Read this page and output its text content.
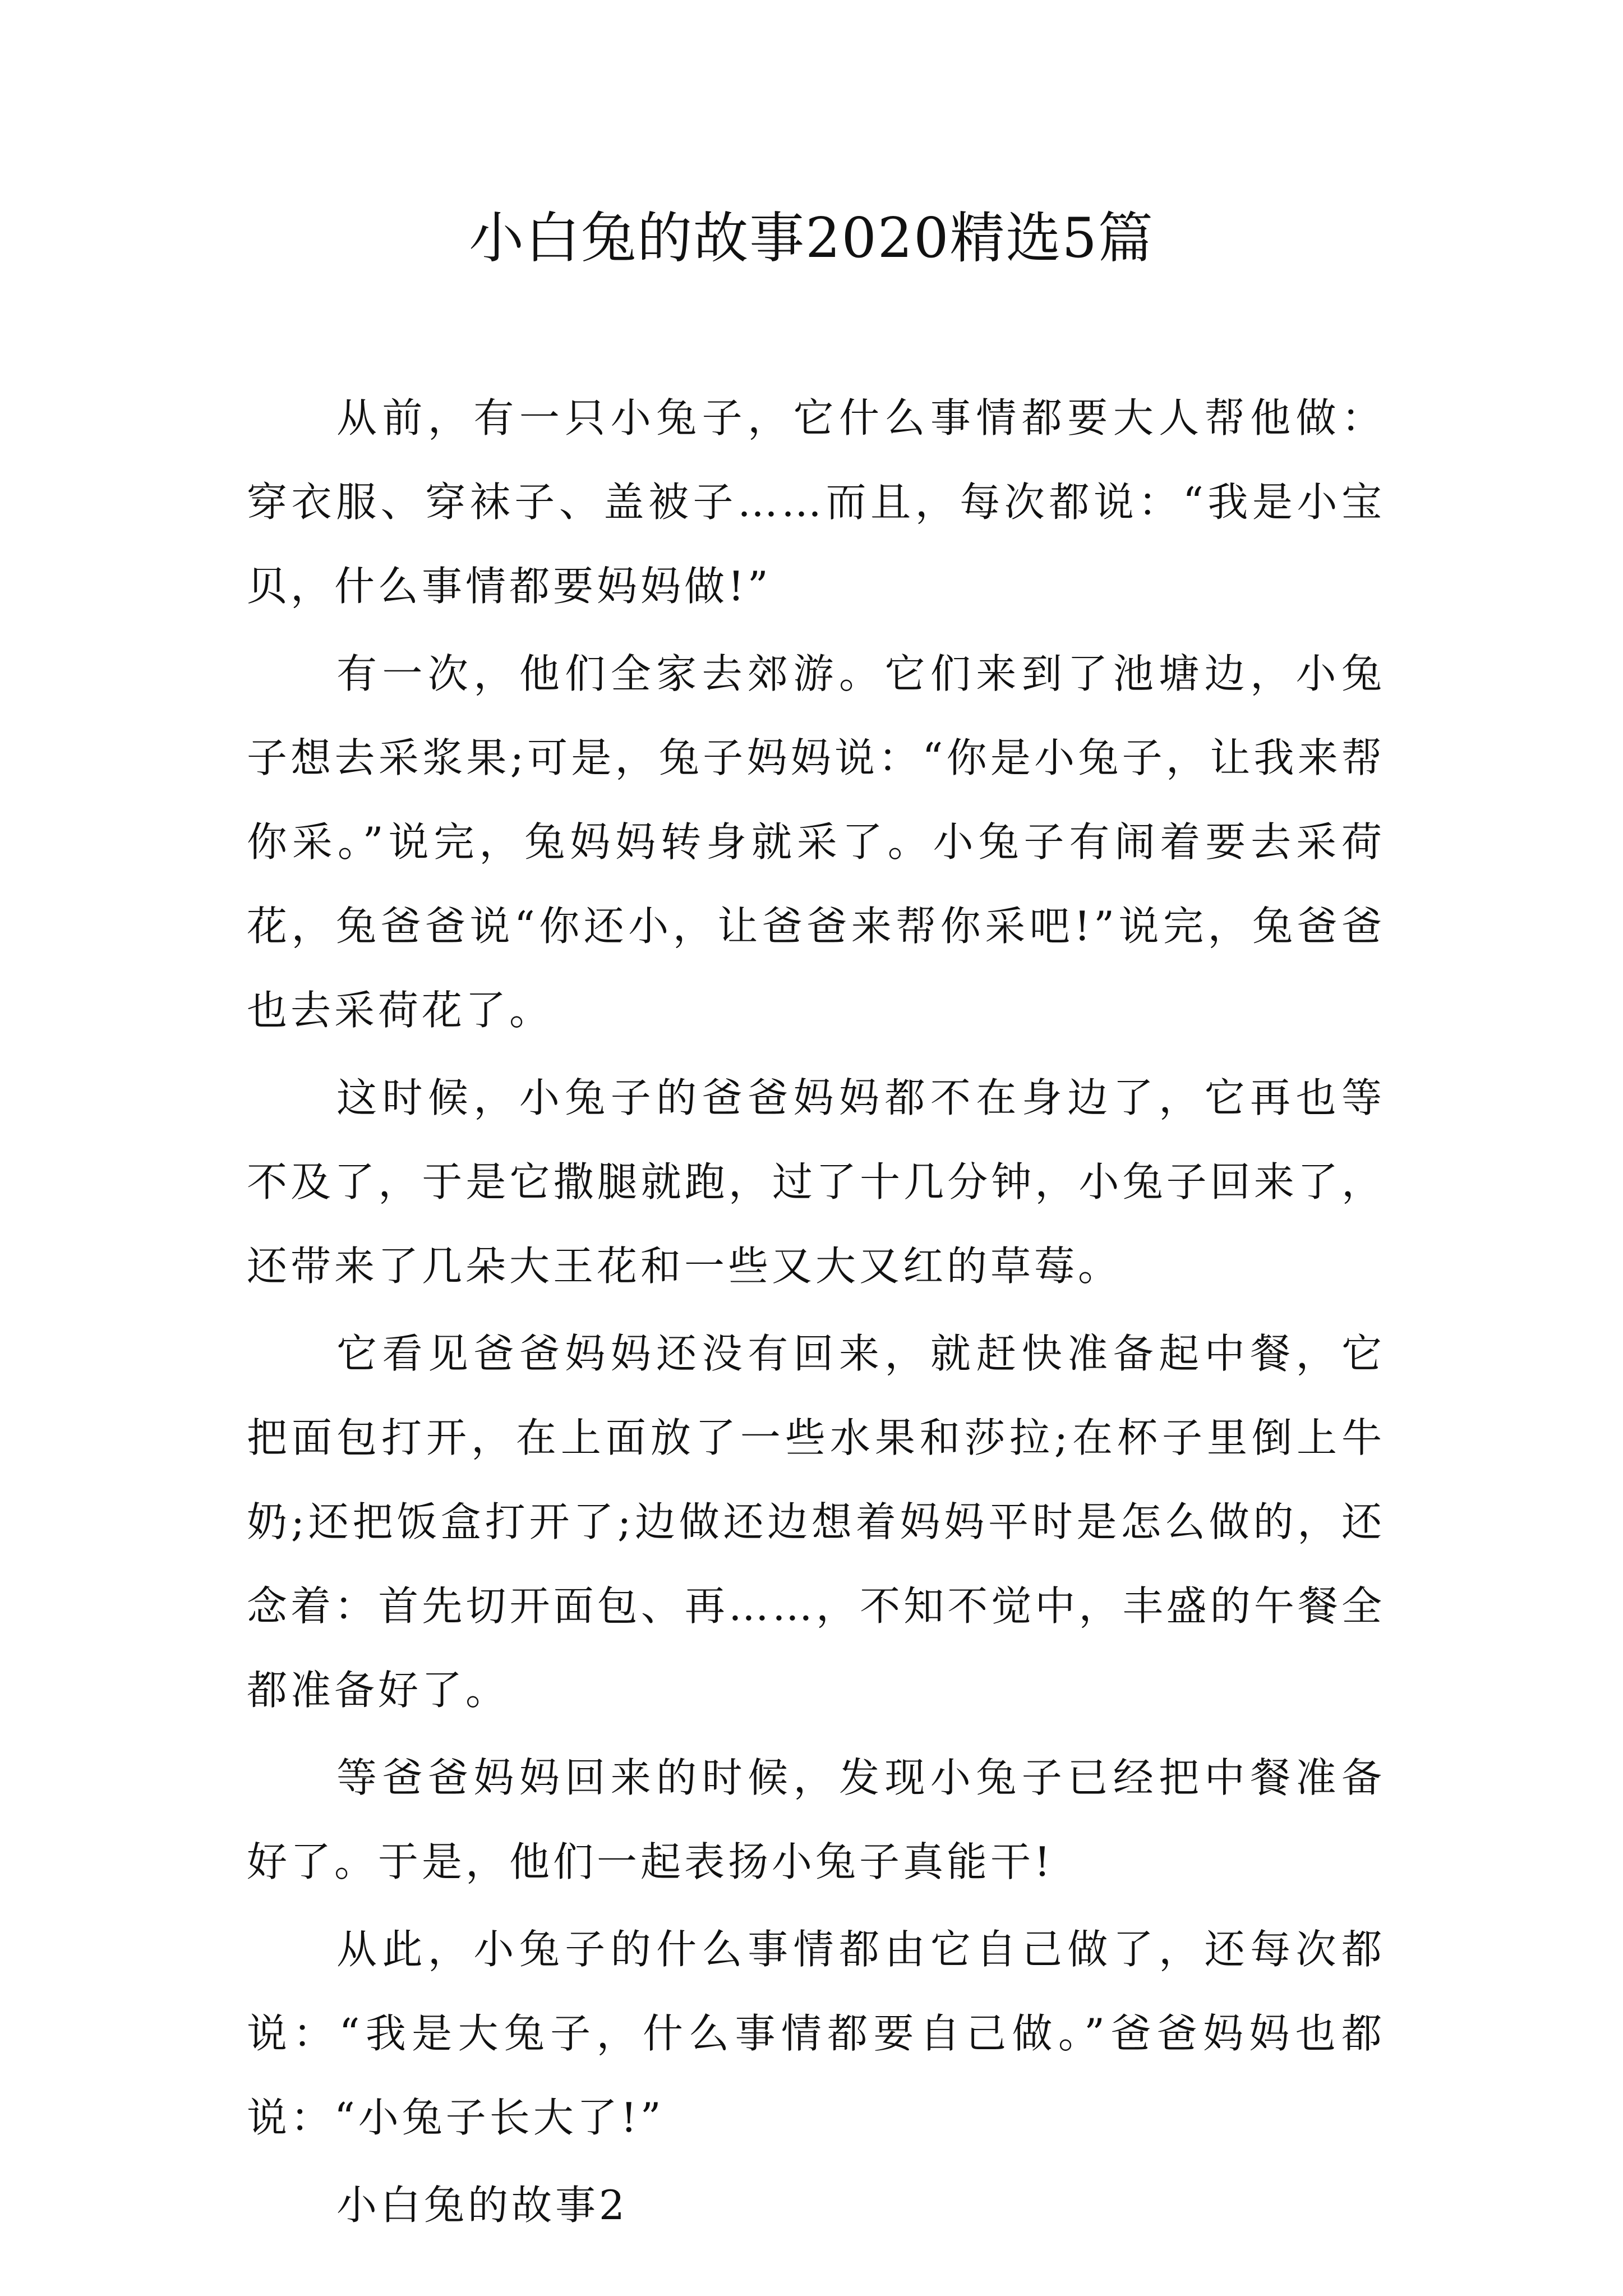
小白兔的故事2020精选5篇

从前，有一只小兔子，它什么事情都要大人帮他做：穿衣服、穿袜子、盖被子……而且，每次都说：“我是小宝贝，什么事情都要妈妈做!”

有一次，他们全家去郊游。它们来到了池塘边，小兔子想去采浆果;可是，兔子妈妈说：“你是小兔子，让我来帮你采。”说完，兔妈妈转身就采了。小兔子有闹着要去采荷花，兔爸爸说“你还小，让爸爸来帮你采吧!”说完，兔爸爸也去采荷花了。

这时候，小兔子的爸爸妈妈都不在身边了，它再也等不及了，于是它撒腿就跑，过了十几分钟，小兔子回来了，还带来了几朵大王花和一些又大又红的草莓。

它看见爸爸妈妈还没有回来，就赶快准备起中餐，它把面包打开，在上面放了一些水果和莎拉;在杯子里倒上牛奶;还把饭盒打开了;边做还边想着妈妈平时是怎么做的，还念着：首先切开面包、再……，不知不觉中，丰盛的午餐全都准备好了。

等爸爸妈妈回来的时候，发现小兔子已经把中餐准备好了。于是，他们一起表扬小兔子真能干!

从此，小兔子的什么事情都由它自己做了，还每次都说：“我是大兔子，什么事情都要自己做。”爸爸妈妈也都说：“小兔子长大了!”

小白兔的故事2
